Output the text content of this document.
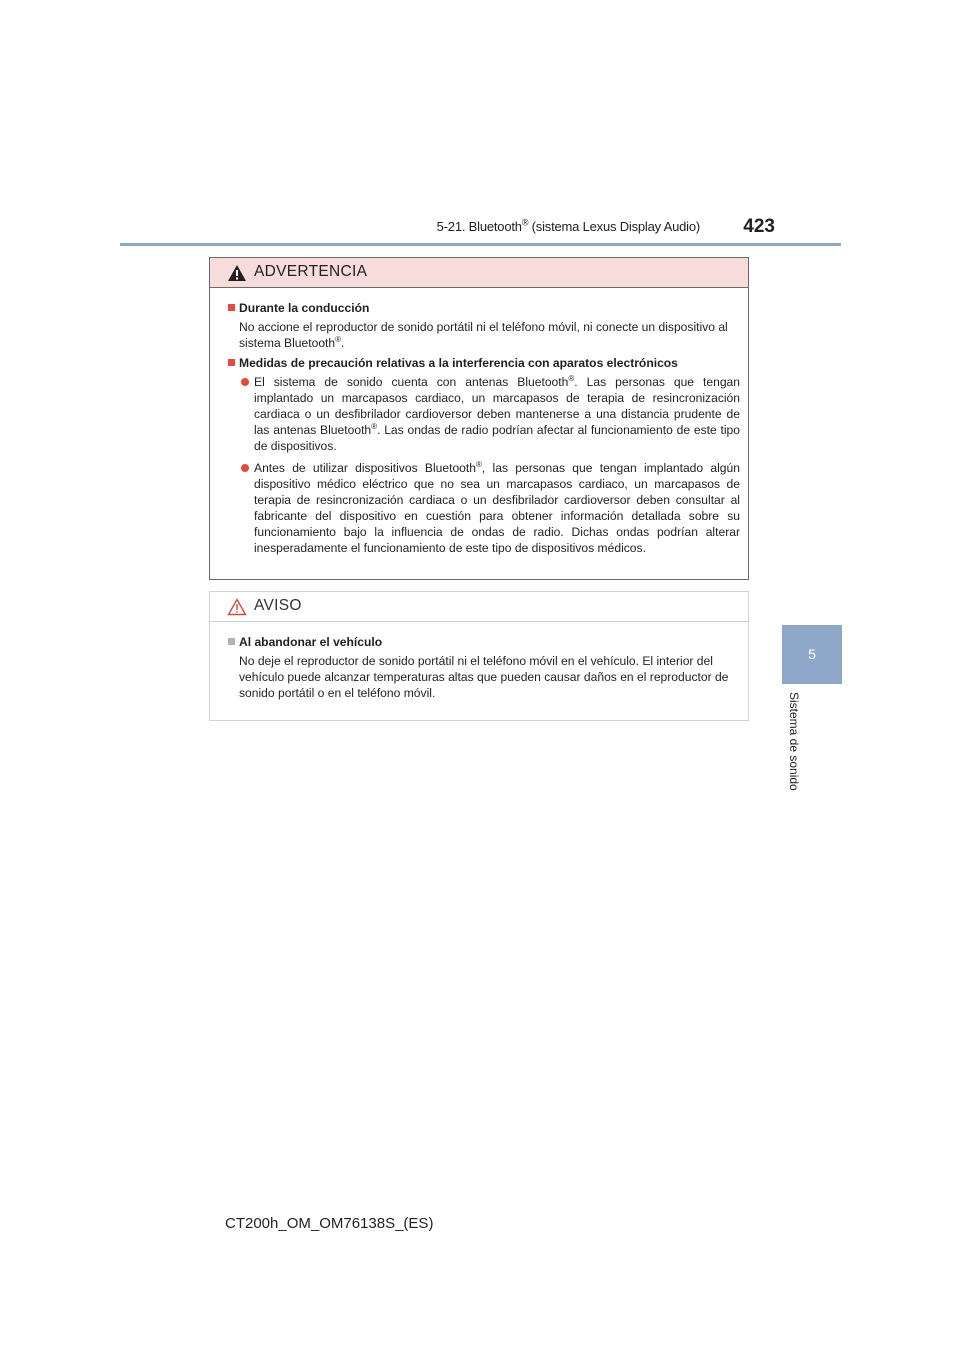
5-21. Bluetooth® (sistema Lexus Display Audio)	423
5
Sistema de sonido
ADVERTENCIA
Durante la conducción
No accione el reproductor de sonido portátil ni el teléfono móvil, ni conecte un dispositivo al sistema Bluetooth®.
Medidas de precaución relativas a la interferencia con aparatos electrónicos
El sistema de sonido cuenta con antenas Bluetooth®. Las personas que tengan implantado un marcapasos cardiaco, un marcapasos de terapia de resincronización cardiaca o un desfibrilador cardioversor deben mantenerse a una distancia prudente de las antenas Bluetooth®. Las ondas de radio podrían afectar al funcionamiento de este tipo de dispositivos.
Antes de utilizar dispositivos Bluetooth®, las personas que tengan implantado algún dispositivo médico eléctrico que no sea un marcapasos cardiaco, un marcapasos de terapia de resincronización cardiaca o un desfibrilador cardioversor deben consultar al fabricante del dispositivo en cuestión para obtener información detallada sobre su funcionamiento bajo la influencia de ondas de radio. Dichas ondas podrían alterar inesperadamente el funcionamiento de este tipo de dispositivos médicos.
AVISO
Al abandonar el vehículo
No deje el reproductor de sonido portátil ni el teléfono móvil en el vehículo. El interior del vehículo puede alcanzar temperaturas altas que pueden causar daños en el reproductor de sonido portátil o en el teléfono móvil.
CT200h_OM_OM76138S_(ES)
